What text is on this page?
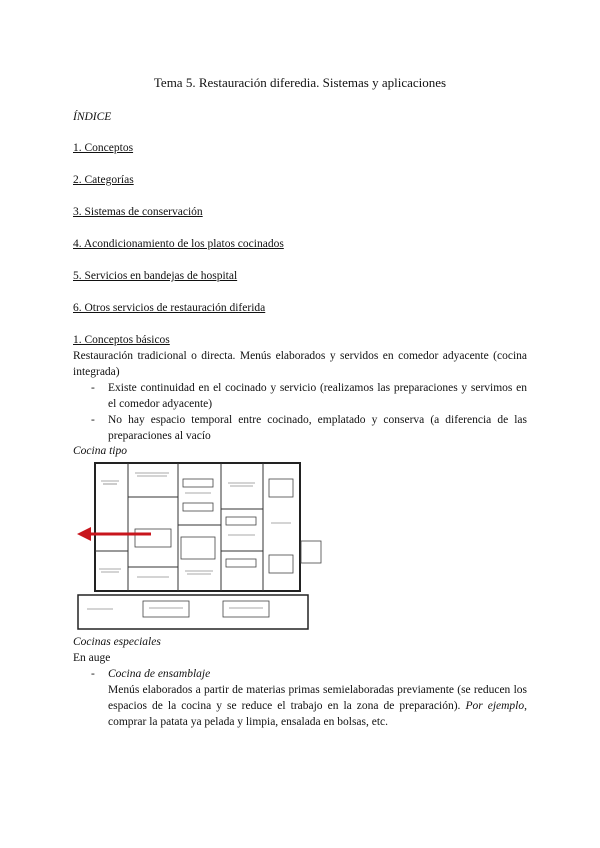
Tema 5. Restauración diferedia. Sistemas y aplicaciones
ÍNDICE
1. Conceptos
2. Categorías
3. Sistemas de conservación
4. Acondicionamiento de los platos cocinados
5. Servicios en bandejas de hospital
6. Otros servicios de restauración diferida
1. Conceptos básicos
Restauración tradicional o directa. Menús elaborados y servidos en comedor adyacente (cocina integrada)
- Existe continuidad en el cocinado y servicio (realizamos las preparaciones y servimos en el comedor adyacente)
- No hay espacio temporal entre cocinado, emplatado y conserva (a diferencia de las preparaciones al vacío
Cocina tipo
Cocinas especiales
En auge
- Cocina de ensamblaje
Menús elaborados a partir de materias primas semielaboradas previamente (se reducen los espacios de la cocina y se reduce el trabajo en la zona de preparación). Por ejemplo, comprar la patata ya pelada y limpia, ensalada en bolsas, etc.
